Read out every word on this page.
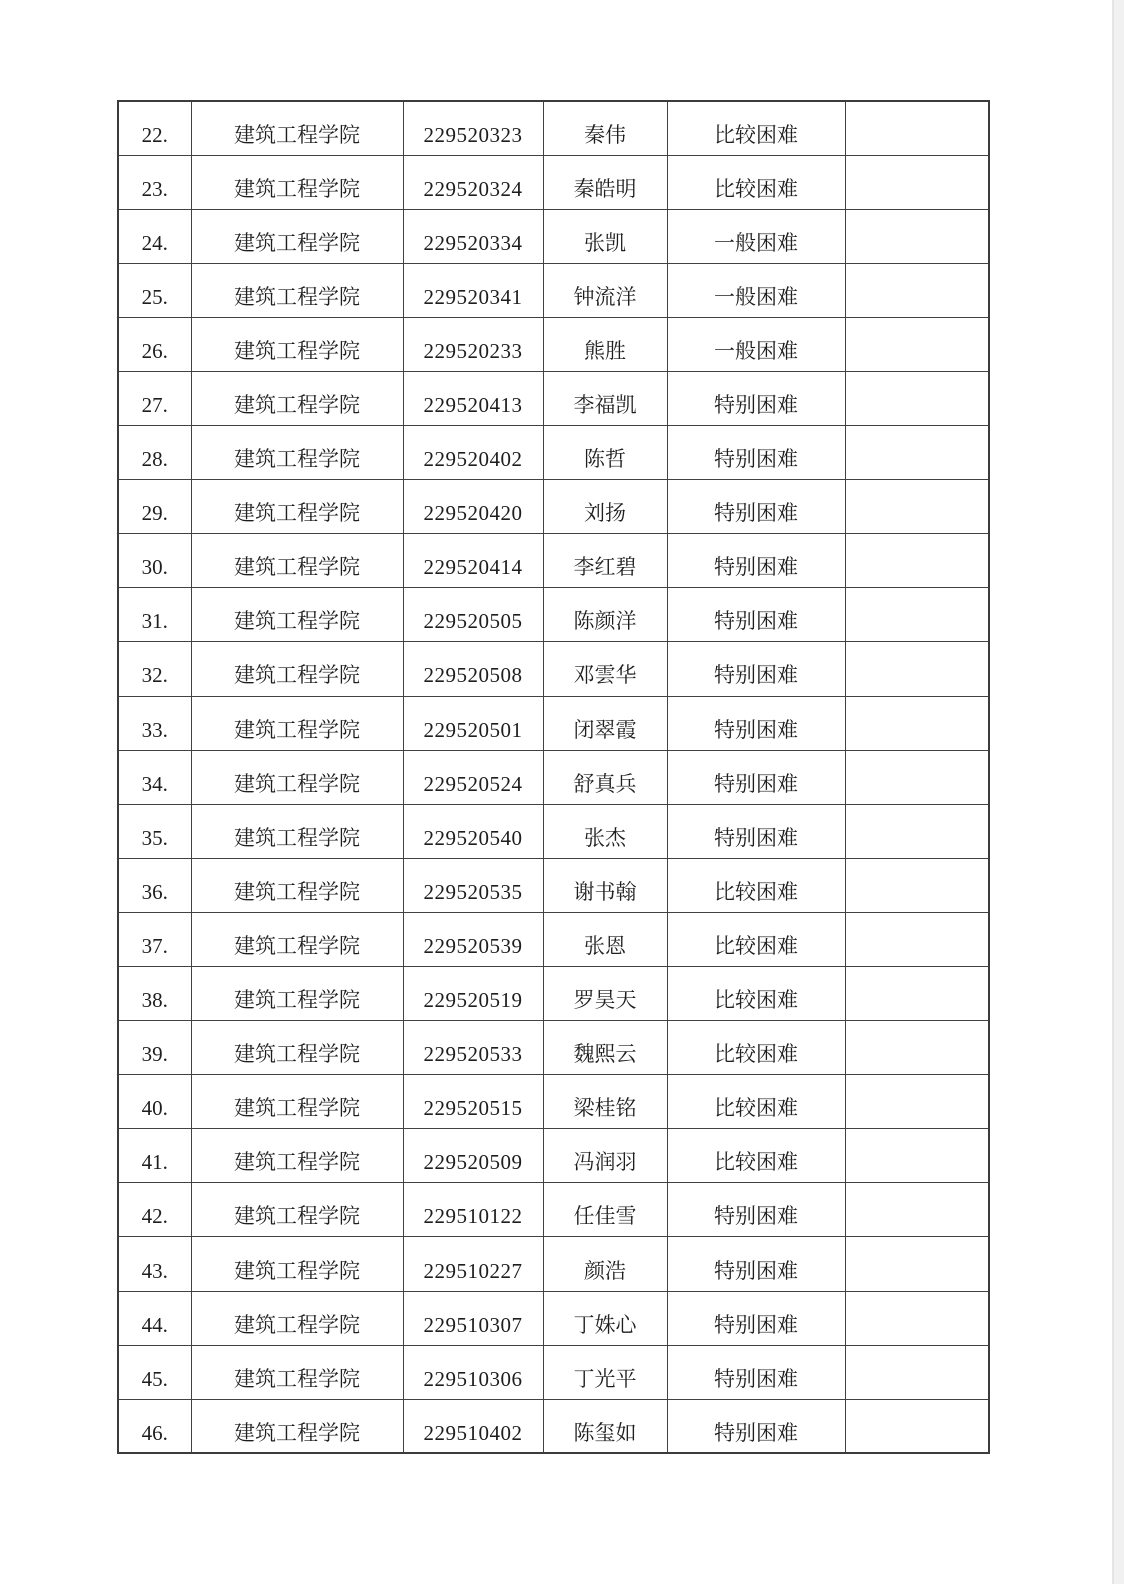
22.	建筑工程学院	229520323	秦伟	比较困难	
23.	建筑工程学院	229520324	秦皓明	比较困难	
24.	建筑工程学院	229520334	张凯	一般困难	
25.	建筑工程学院	229520341	钟流洋	一般困难	
26.	建筑工程学院	229520233	熊胜	一般困难	
27.	建筑工程学院	229520413	李福凯	特别困难	
28.	建筑工程学院	229520402	陈哲	特别困难	
29.	建筑工程学院	229520420	刘扬	特别困难	
30.	建筑工程学院	229520414	李红碧	特别困难	
31.	建筑工程学院	229520505	陈颜洋	特别困难	
32.	建筑工程学院	229520508	邓雲华	特别困难	
33.	建筑工程学院	229520501	闭翠霞	特别困难	
34.	建筑工程学院	229520524	舒真兵	特别困难	
35.	建筑工程学院	229520540	张杰	特别困难	
36.	建筑工程学院	229520535	谢书翰	比较困难	
37.	建筑工程学院	229520539	张恩	比较困难	
38.	建筑工程学院	229520519	罗昊天	比较困难	
39.	建筑工程学院	229520533	魏熙云	比较困难	
40.	建筑工程学院	229520515	梁桂铭	比较困难	
41.	建筑工程学院	229520509	冯润羽	比较困难	
42.	建筑工程学院	229510122	任佳雪	特别困难	
43.	建筑工程学院	229510227	颜浩	特别困难	
44.	建筑工程学院	229510307	丁姝心	特别困难	
45.	建筑工程学院	229510306	丁光平	特别困难	
46.	建筑工程学院	229510402	陈玺如	特别困难	
